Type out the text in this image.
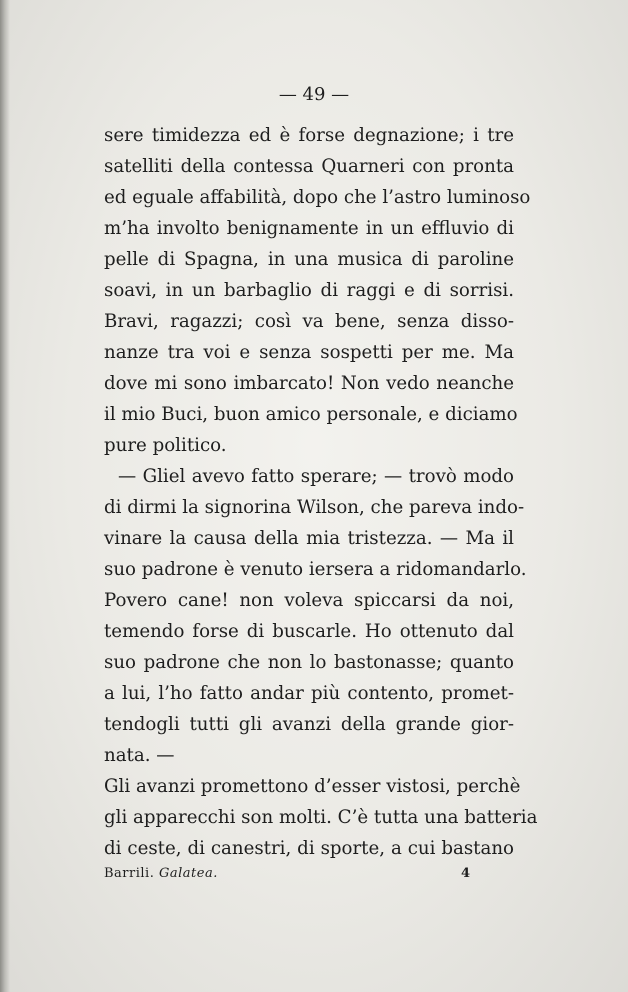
— 49 —
sere timidezza ed è forse degnazione; i tre
satelliti della contessa Quarneri con pronta
ed eguale affabilità, dopo che l’astro luminoso
m’ha involto benignamente in un effluvio di
pelle di Spagna, in una musica di paroline
soavi, in un barbaglio di raggi e di sorrisi.
Bravi, ragazzi; così va bene, senza disso-
nanze tra voi e senza sospetti per me. Ma
dove mi sono imbarcato! Non vedo neanche
il mio Buci, buon amico personale, e diciamo
pure politico.
— Gliel avevo fatto sperare; — trovò modo
di dirmi la signorina Wilson, che pareva indo-
vinare la causa della mia tristezza. — Ma il
suo padrone è venuto iersera a ridomandarlo.
Povero cane! non voleva spiccarsi da noi,
temendo forse di buscarle. Ho ottenuto dal
suo padrone che non lo bastonasse; quanto
a lui, l’ho fatto andar più contento, promet-
tendogli tutti gli avanzi della grande gior-
nata. —
Gli avanzi promettono d’esser vistosi, perchè
gli apparecchi son molti. C’è tutta una batteria
di ceste, di canestri, di sporte, a cui bastano
Barrili. Galatea.	4
